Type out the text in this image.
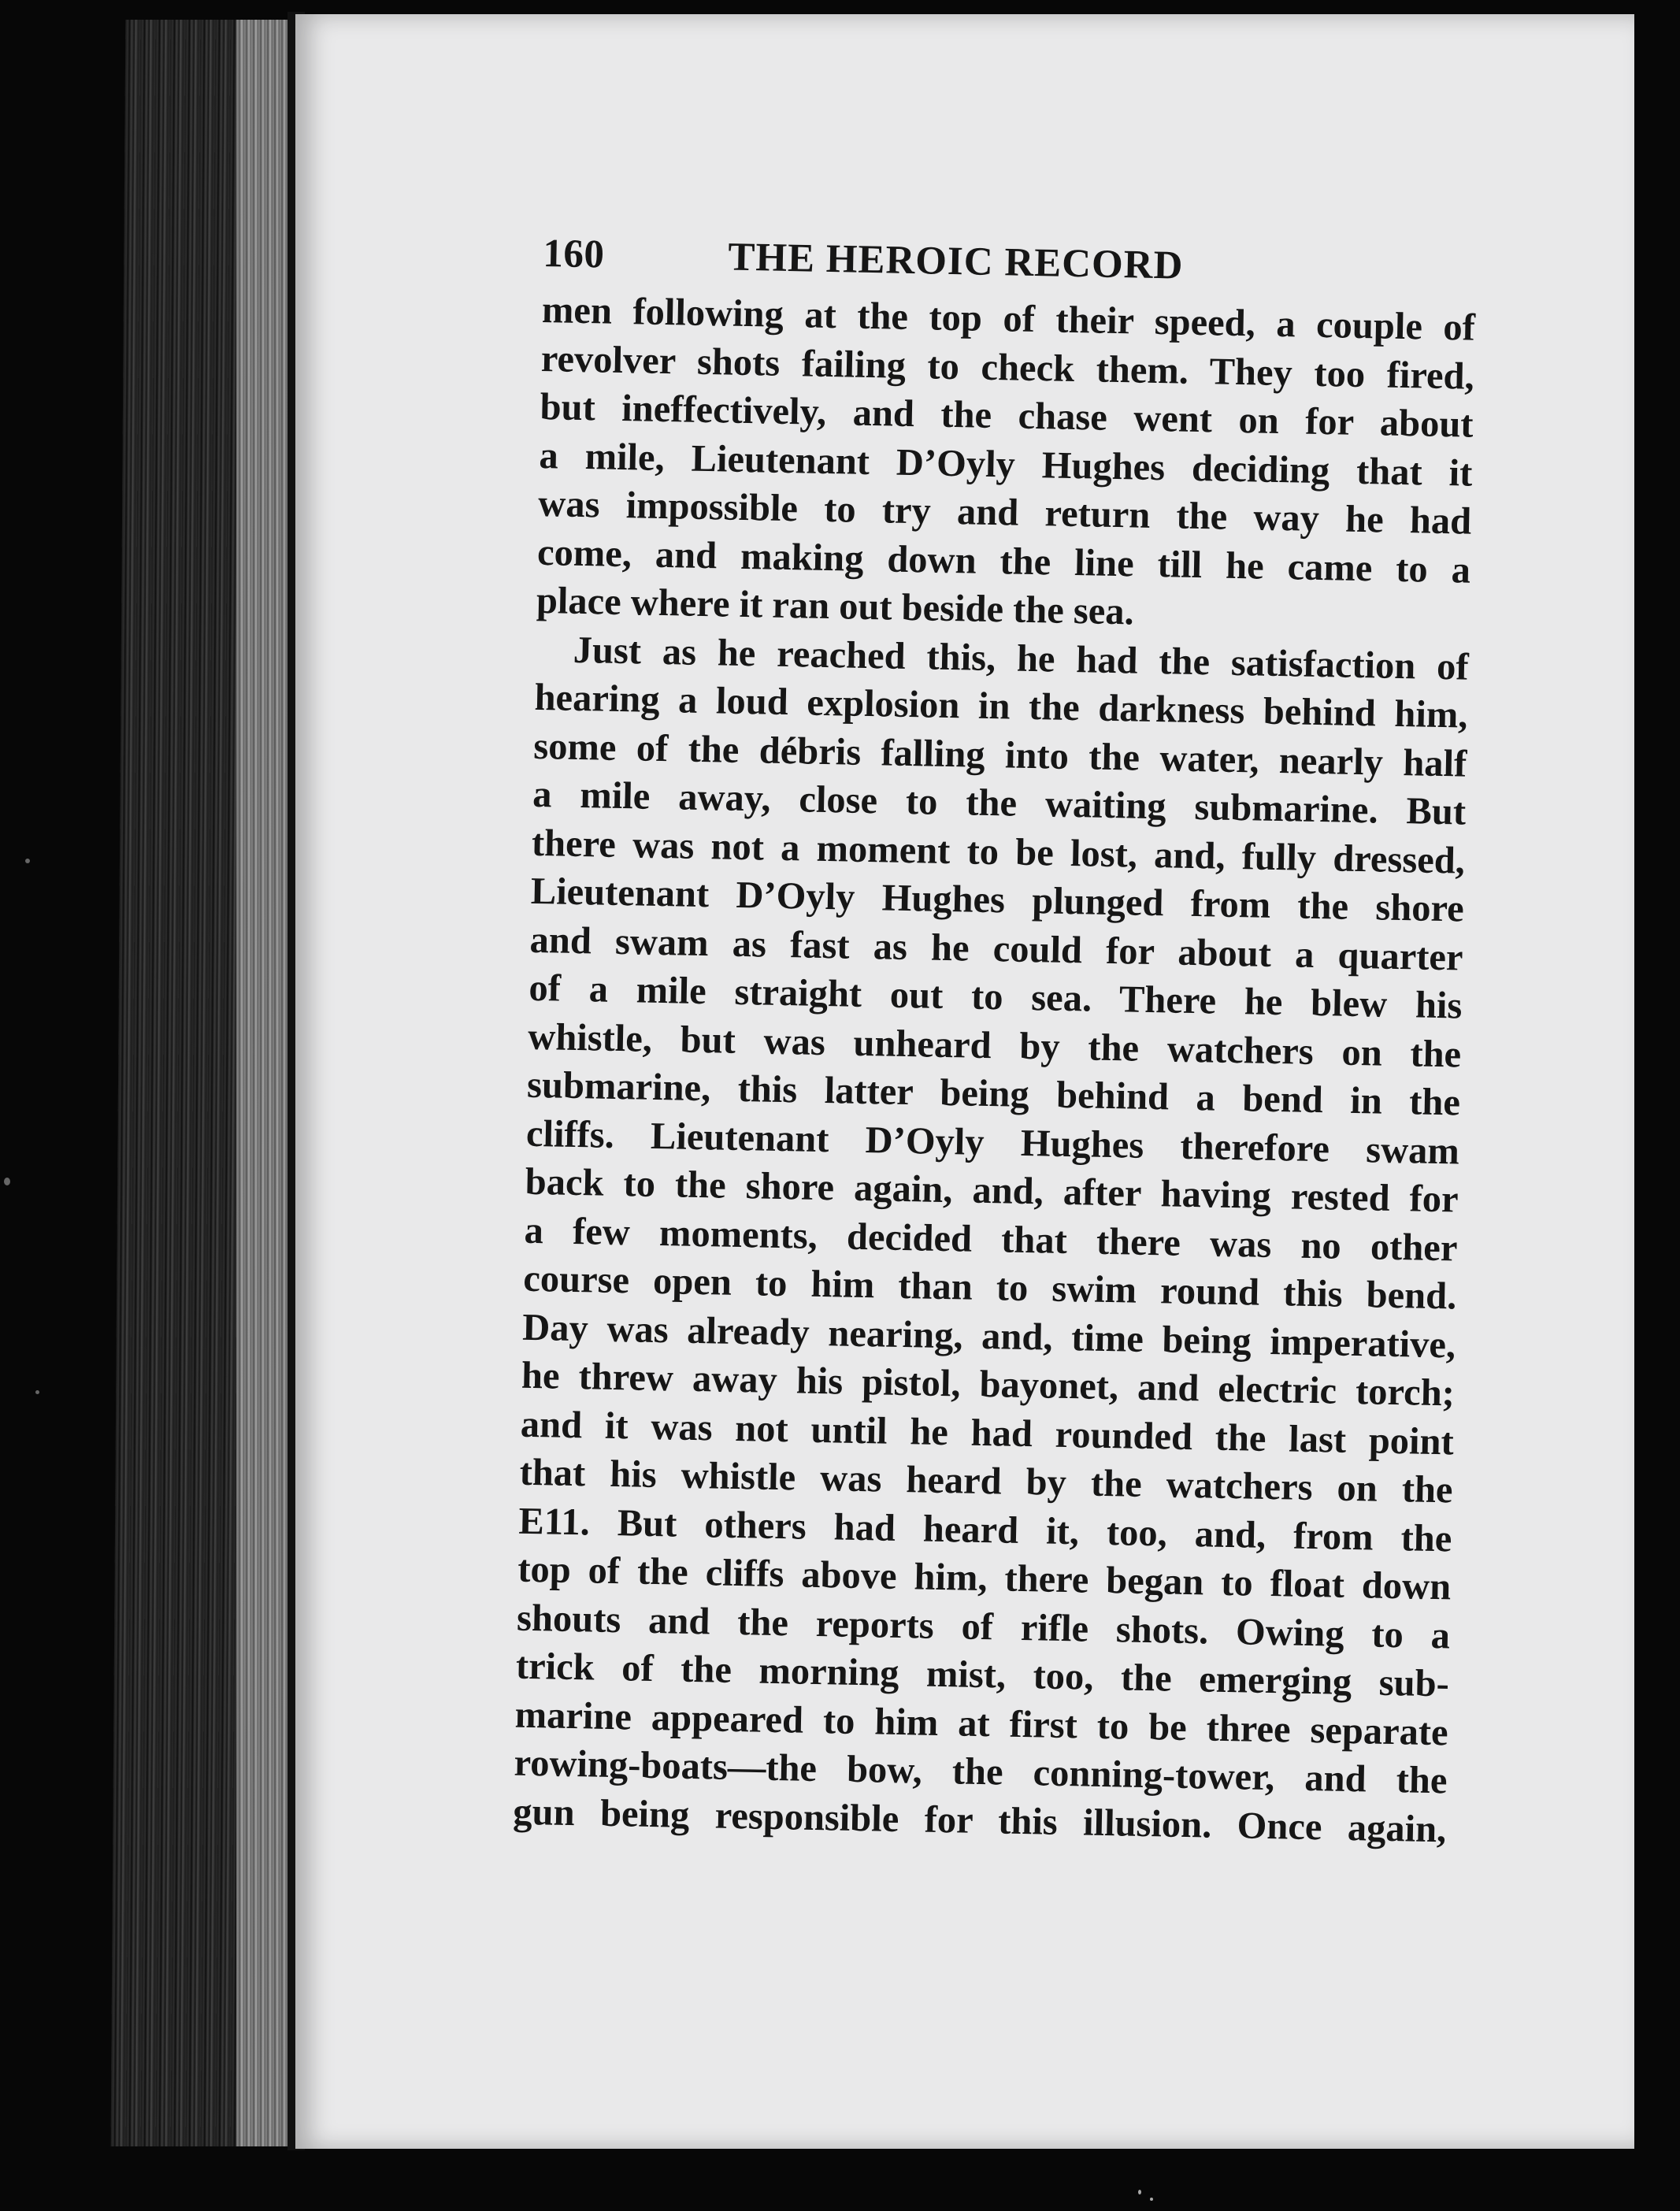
160	THE HEROIC RECORD

men following at the top of their speed, a couple of
revolver shots failing to check them. They too fired,
but ineffectively, and the chase went on for about
a mile, Lieutenant D’Oyly Hughes deciding that it
was impossible to try and return the way he had
come, and making down the line till he came to a
place where it ran out beside the sea.

Just as he reached this, he had the satisfaction of
hearing a loud explosion in the darkness behind him,
some of the débris falling into the water, nearly half
a mile away, close to the waiting submarine. But
there was not a moment to be lost, and, fully dressed,
Lieutenant D’Oyly Hughes plunged from the shore
and swam as fast as he could for about a quarter
of a mile straight out to sea. There he blew his
whistle, but was unheard by the watchers on the
submarine, this latter being behind a bend in the
cliffs. Lieutenant D’Oyly Hughes therefore swam
back to the shore again, and, after having rested for
a few moments, decided that there was no other
course open to him than to swim round this bend.
Day was already nearing, and, time being imperative,
he threw away his pistol, bayonet, and electric torch;
and it was not until he had rounded the last point
that his whistle was heard by the watchers on the
E11. But others had heard it, too, and, from the
top of the cliffs above him, there began to float down
shouts and the reports of rifle shots. Owing to a
trick of the morning mist, too, the emerging sub-
marine appeared to him at first to be three separate
rowing-boats—the bow, the conning-tower, and the
gun being responsible for this illusion. Once again,
